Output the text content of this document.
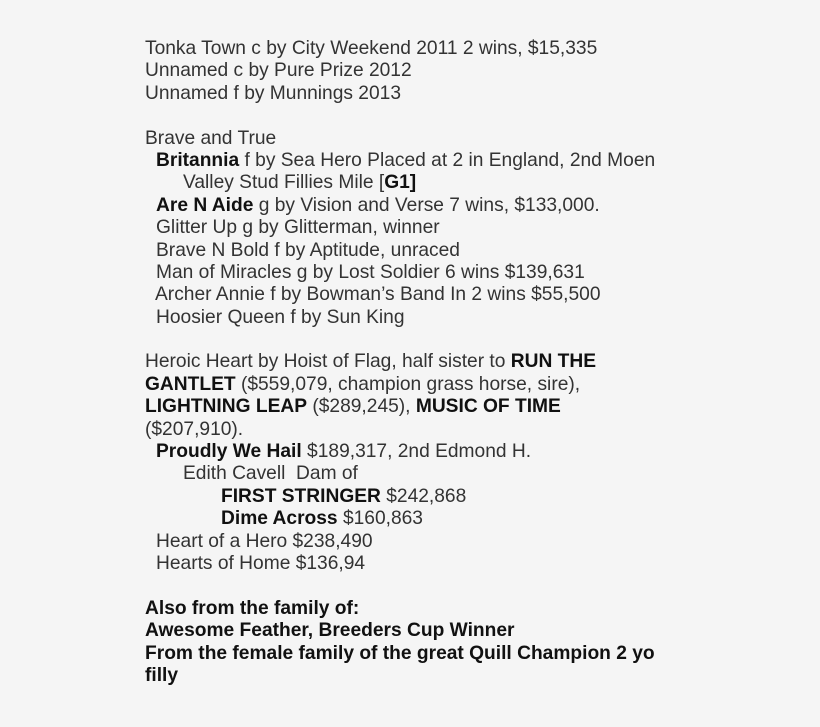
Tonka Town c by City Weekend 2011 2 wins, $15,335
Unnamed c by Pure Prize 2012
Unnamed f by Munnings 2013
Brave and True
Britannia f by Sea Hero Placed at 2 in England, 2nd Moen
Valley Stud Fillies Mile [G1]
Are N Aide g by Vision and Verse 7 wins, $133,000.
Glitter Up g by Glitterman, winner
Brave N Bold f by Aptitude, unraced
Man of Miracles g by Lost Soldier 6 wins $139,631
Archer Annie f by Bowman’s Band In 2 wins $55,500
Hoosier Queen f by Sun King
Heroic Heart by Hoist of Flag, half sister to RUN THE
GANTLET ($559,079, champion grass horse, sire),
LIGHTNING LEAP ($289,245), MUSIC OF TIME
($207,910).
Proudly We Hail $189,317, 2nd Edmond H.
Edith Cavell  Dam of
FIRST STRINGER $242,868
Dime Across $160,863
Heart of a Hero $238,490
Hearts of Home $136,94
Also from the family of:
Awesome Feather, Breeders Cup Winner
From the female family of the great Quill Champion 2 yo
filly
